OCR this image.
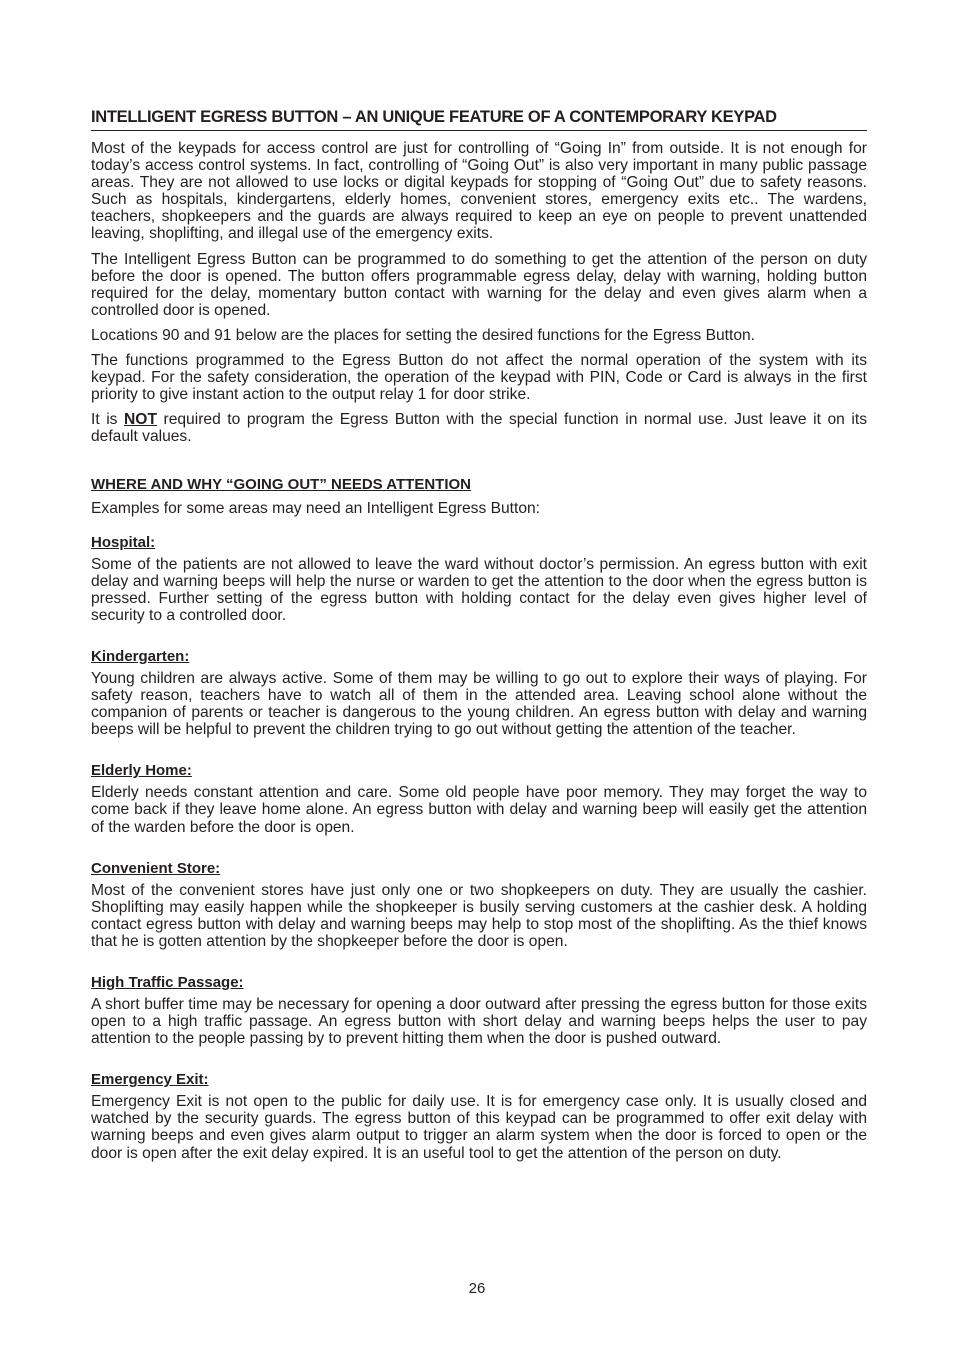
INTELLIGENT EGRESS BUTTON – AN UNIQUE FEATURE OF A CONTEMPORARY KEYPAD

Most of the keypads for access control are just for controlling of “Going In” from outside. It is not enough for today’s access control systems. In fact, controlling of “Going Out” is also very important in many public passage areas. They are not allowed to use locks or digital keypads for stopping of “Going Out” due to safety reasons. Such as hospitals, kindergartens, elderly homes, convenient stores, emergency exits etc.. The wardens, teachers, shopkeepers and the guards are always required to keep an eye on people to prevent unattended leaving, shoplifting, and illegal use of the emergency exits.

The Intelligent Egress Button can be programmed to do something to get the attention of the person on duty before the door is opened. The button offers programmable egress delay, delay with warning, holding button required for the delay, momentary button contact with warning for the delay and even gives alarm when a controlled door is opened.

Locations 90 and 91 below are the places for setting the desired functions for the Egress Button.

The functions programmed to the Egress Button do not affect the normal operation of the system with its keypad. For the safety consideration, the operation of the keypad with PIN, Code or Card is always in the first priority to give instant action to the output relay 1 for door strike.

It is NOT required to program the Egress Button with the special function in normal use. Just leave it on its default values.

WHERE AND WHY “GOING OUT” NEEDS ATTENTION

Examples for some areas may need an Intelligent Egress Button:

Hospital:

Some of the patients are not allowed to leave the ward without doctor’s permission. An egress button with exit delay and warning beeps will help the nurse or warden to get the attention to the door when the egress button is pressed. Further setting of the egress button with holding contact for the delay even gives higher level of security to a controlled door.

Kindergarten:

Young children are always active. Some of them may be willing to go out to explore their ways of playing. For safety reason, teachers have to watch all of them in the attended area. Leaving school alone without the companion of parents or teacher is dangerous to the young children. An egress button with delay and warning beeps will be helpful to prevent the children trying to go out without getting the attention of the teacher.

Elderly Home:

Elderly needs constant attention and care. Some old people have poor memory. They may forget the way to come back if they leave home alone. An egress button with delay and warning beep will easily get the attention of the warden before the door is open.

Convenient Store:

Most of the convenient stores have just only one or two shopkeepers on duty. They are usually the cashier. Shoplifting may easily happen while the shopkeeper is busily serving customers at the cashier desk. A holding contact egress button with delay and warning beeps may help to stop most of the shoplifting. As the thief knows that he is gotten attention by the shopkeeper before the door is open.

High Traffic Passage:

A short buffer time may be necessary for opening a door outward after pressing the egress button for those exits open to a high traffic passage. An egress button with short delay and warning beeps helps the user to pay attention to the people passing by to prevent hitting them when the door is pushed outward.

Emergency Exit:

Emergency Exit is not open to the public for daily use. It is for emergency case only. It is usually closed and watched by the security guards. The egress button of this keypad can be programmed to offer exit delay with warning beeps and even gives alarm output to trigger an alarm system when the door is forced to open or the door is open after the exit delay expired. It is an useful tool to get the attention of the person on duty.

26
